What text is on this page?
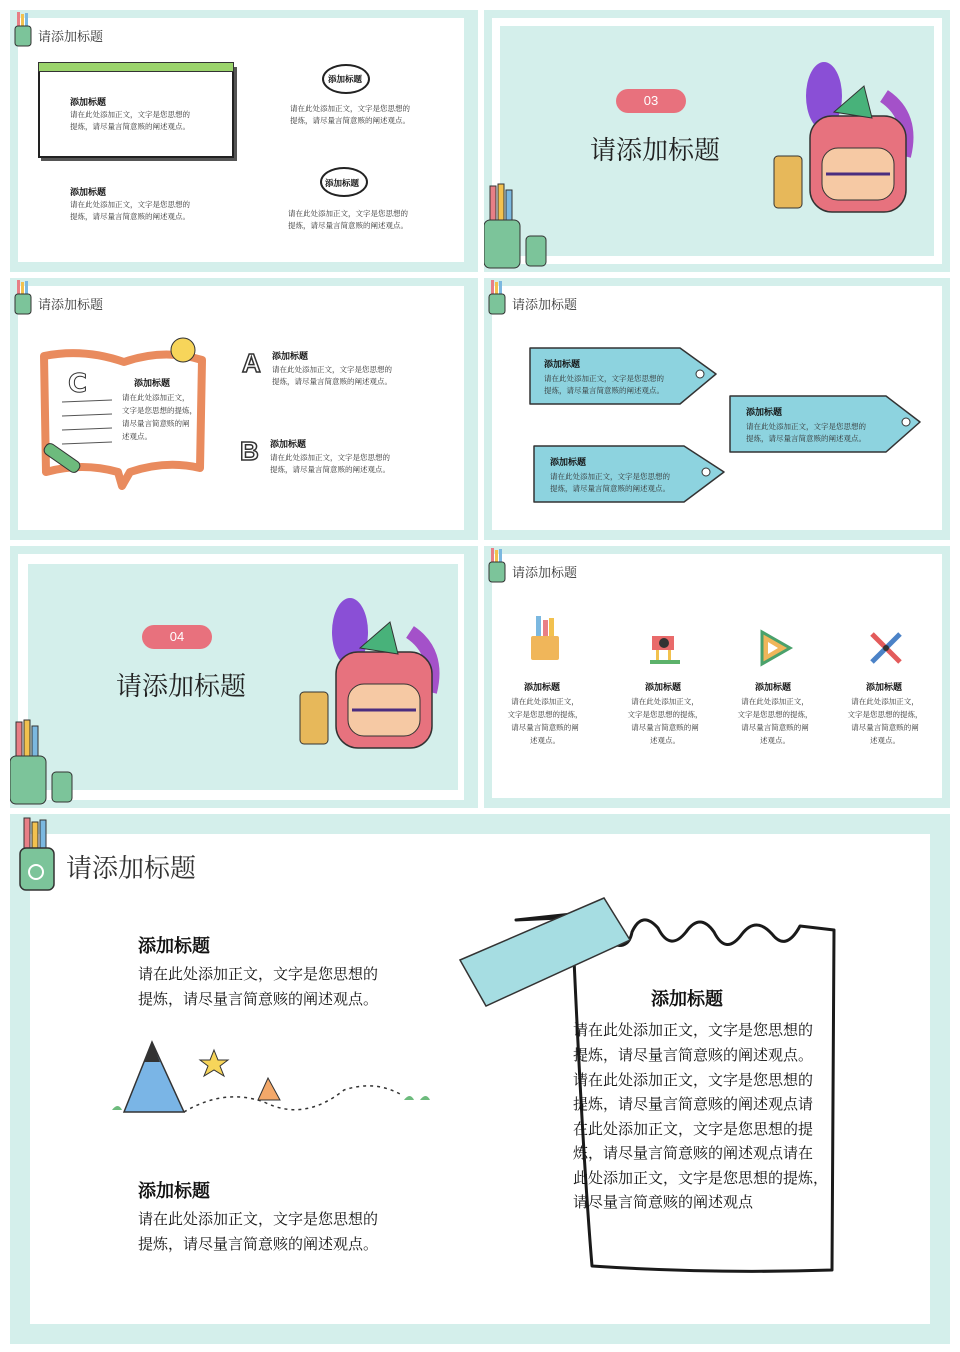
请添加标题
添加标题
请在此处添加正文，文字是您思想的
提炼，请尽量言简意赅的阐述观点。
添加标题
请在此处添加正文，文字是您思想的
提炼，请尽量言简意赅的阐述观点。
添加标题
请在此处添加正文，文字是您思想的
提炼，请尽量言简意赅的阐述观点。
添加标题
请在此处添加正文，文字是您思想的
提炼，请尽量言简意赅的阐述观点。
03
请添加标题
请添加标题
C	添加标题
请在此处添加正文，
文字是您思想的提炼，
请尽量言简意赅的阐
述观点。
A 添加标题
请在此处添加正文，文字是您思想的
提炼，请尽量言简意赅的阐述观点。
B 添加标题
请在此处添加正文，文字是您思想的
提炼，请尽量言简意赅的阐述观点。
请添加标题
添加标题
请在此处添加正文，文字是您思想的
提炼，请尽量言简意赅的阐述观点。
添加标题
请在此处添加正文，文字是您思想的
提炼，请尽量言简意赅的阐述观点。
添加标题
请在此处添加正文，文字是您思想的
提炼，请尽量言简意赅的阐述观点。
04
请添加标题
请添加标题
添加标题
请在此处添加正文，
文字是您思想的提炼，
请尽量言简意赅的阐
述观点。
添加标题
请在此处添加正文，
文字是您思想的提炼，
请尽量言简意赅的阐
述观点。
添加标题
请在此处添加正文，
文字是您思想的提炼，
请尽量言简意赅的阐
述观点。
添加标题
请在此处添加正文，
文字是您思想的提炼，
请尽量言简意赅的阐
述观点。
请添加标题
添加标题
请在此处添加正文，文字是您思想的
提炼，请尽量言简意赅的阐述观点。
添加标题
请在此处添加正文，文字是您思想的
提炼，请尽量言简意赅的阐述观点。
添加标题
请在此处添加正文，文字是您思想的
提炼，请尽量言简意赅的阐述观点。
请在此处添加正文，文字是您思想的
提炼，请尽量言简意赅的阐述观点请
在此处添加正文，文字是您思想的提
炼，请尽量言简意赅的阐述观点请在
此处添加正文，文字是您思想的提炼，
请尽量言简意赅的阐述观点
